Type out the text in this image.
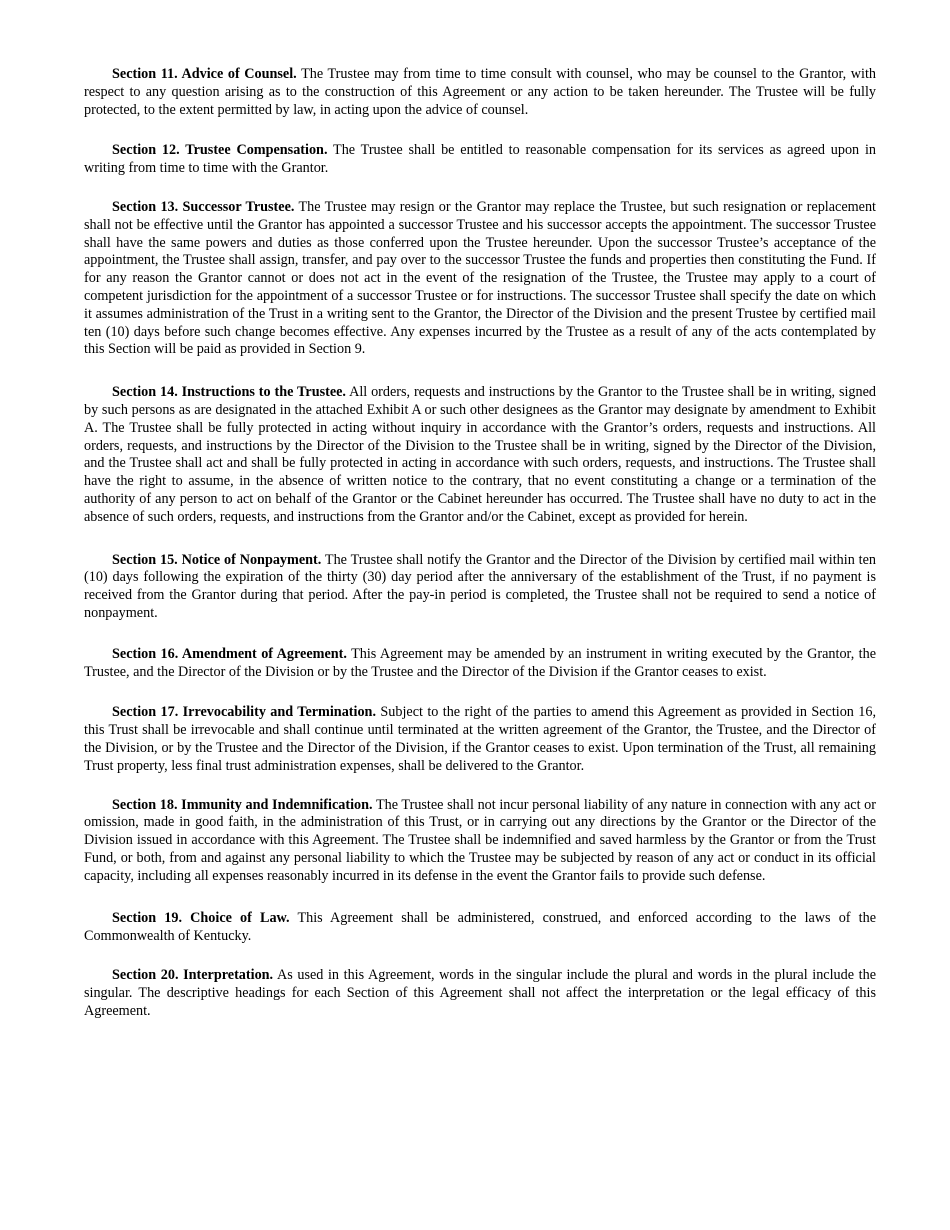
Section 11. Advice of Counsel. The Trustee may from time to time consult with counsel, who may be counsel to the Grantor, with respect to any question arising as to the construction of this Agreement or any action to be taken hereunder. The Trustee will be fully protected, to the extent permitted by law, in acting upon the advice of counsel.

Section 12. Trustee Compensation. The Trustee shall be entitled to reasonable compensation for its services as agreed upon in writing from time to time with the Grantor.

Section 13. Successor Trustee. The Trustee may resign or the Grantor may replace the Trustee, but such resignation or replacement shall not be effective until the Grantor has appointed a successor Trustee and his successor accepts the appointment. The successor Trustee shall have the same powers and duties as those conferred upon the Trustee hereunder. Upon the successor Trustee’s acceptance of the appointment, the Trustee shall assign, transfer, and pay over to the successor Trustee the funds and properties then constituting the Fund. If for any reason the Grantor cannot or does not act in the event of the resignation of the Trustee, the Trustee may apply to a court of competent jurisdiction for the appointment of a successor Trustee or for instructions. The successor Trustee shall specify the date on which it assumes administration of the Trust in a writing sent to the Grantor, the Director of the Division and the present Trustee by certified mail ten (10) days before such change becomes effective. Any expenses incurred by the Trustee as a result of any of the acts contemplated by this Section will be paid as provided in Section 9.

Section 14. Instructions to the Trustee. All orders, requests and instructions by the Grantor to the Trustee shall be in writing, signed by such persons as are designated in the attached Exhibit A or such other designees as the Grantor may designate by amendment to Exhibit A. The Trustee shall be fully protected in acting without inquiry in accordance with the Grantor’s orders, requests and instructions. All orders, requests, and instructions by the Director of the Division to the Trustee shall be in writing, signed by the Director of the Division, and the Trustee shall act and shall be fully protected in acting in accordance with such orders, requests, and instructions. The Trustee shall have the right to assume, in the absence of written notice to the contrary, that no event constituting a change or a termination of the authority of any person to act on behalf of the Grantor or the Cabinet hereunder has occurred. The Trustee shall have no duty to act in the absence of such orders, requests, and instructions from the Grantor and/or the Cabinet, except as provided for herein.

Section 15. Notice of Nonpayment. The Trustee shall notify the Grantor and the Director of the Division by certified mail within ten (10) days following the expiration of the thirty (30) day period after the anniversary of the establishment of the Trust, if no payment is received from the Grantor during that period. After the pay-in period is completed, the Trustee shall not be required to send a notice of nonpayment.

Section 16. Amendment of Agreement. This Agreement may be amended by an instrument in writing executed by the Grantor, the Trustee, and the Director of the Division or by the Trustee and the Director of the Division if the Grantor ceases to exist.

Section 17. Irrevocability and Termination. Subject to the right of the parties to amend this Agreement as provided in Section 16, this Trust shall be irrevocable and shall continue until terminated at the written agreement of the Grantor, the Trustee, and the Director of the Division, or by the Trustee and the Director of the Division, if the Grantor ceases to exist. Upon termination of the Trust, all remaining Trust property, less final trust administration expenses, shall be delivered to the Grantor.

Section 18. Immunity and Indemnification. The Trustee shall not incur personal liability of any nature in connection with any act or omission, made in good faith, in the administration of this Trust, or in carrying out any directions by the Grantor or the Director of the Division issued in accordance with this Agreement. The Trustee shall be indemnified and saved harmless by the Grantor or from the Trust Fund, or both, from and against any personal liability to which the Trustee may be subjected by reason of any act or conduct in its official capacity, including all expenses reasonably incurred in its defense in the event the Grantor fails to provide such defense.

Section 19. Choice of Law. This Agreement shall be administered, construed, and enforced according to the laws of the Commonwealth of Kentucky.

Section 20. Interpretation. As used in this Agreement, words in the singular include the plural and words in the plural include the singular. The descriptive headings for each Section of this Agreement shall not affect the interpretation or the legal efficacy of this Agreement.
